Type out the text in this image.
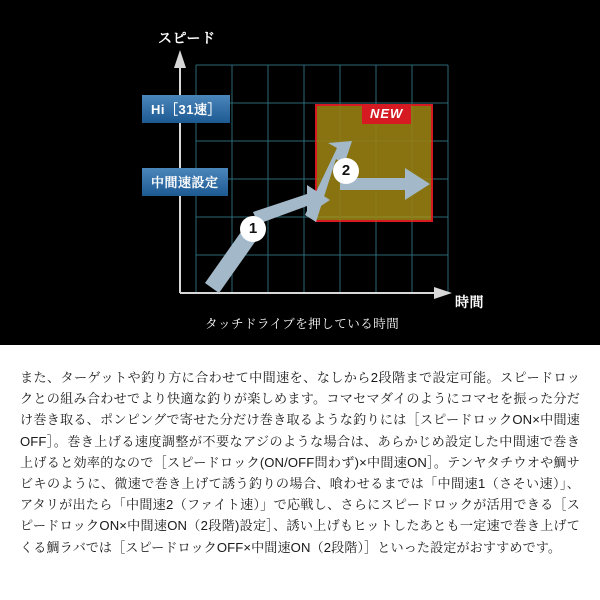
スピード
時間
タッチドライブを押している時間
Hi［31速］
中間速設定
NEW
1
2
また、ターゲットや釣り方に合わせて中間速を、なしから2段階まで設定可能。スピードロックとの組み合わせでより快適な釣りが楽しめます。コマセマダイのようにコマセを振った分だけ巻き取る、ポンピングで寄せた分だけ巻き取るような釣りには［スピードロックON×中間速OFF］。巻き上げる速度調整が不要なアジのような場合は、あらかじめ設定した中間速で巻き上げると効率的なので［スピードロック(ON/OFF問わず)×中間速ON］。テンヤタチウオや鯛サビキのように、微速で巻き上げて誘う釣りの場合、喰わせるまでは「中間速1（さそい速）」、アタリが出たら「中間速2（ファイト速）」で応戦し、さらにスピードロックが活用できる［スピードロックON×中間速ON（2段階)設定］、誘い上げもヒットしたあとも一定速で巻き上げてくる鯛ラバでは［スピードロックOFF×中間速ON（2段階）］といった設定がおすすめです。
